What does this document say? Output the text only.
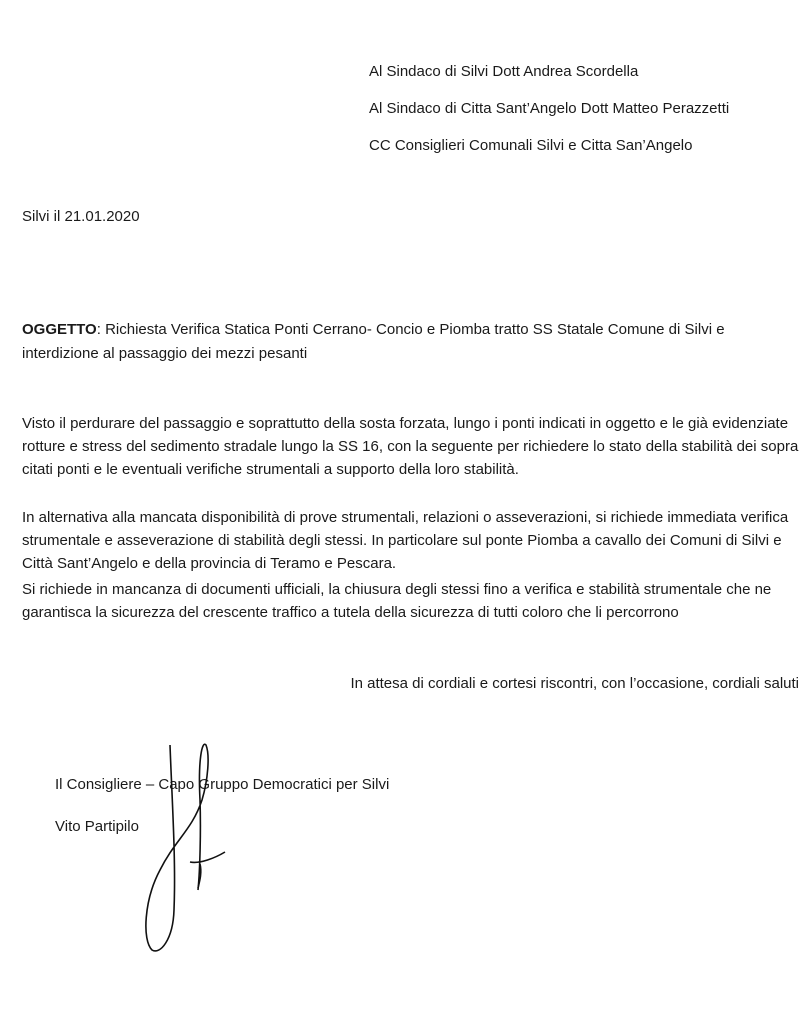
Al Sindaco di Silvi Dott Andrea Scordella
Al Sindaco di Citta Sant’Angelo Dott Matteo Perazzetti
CC Consiglieri Comunali Silvi e Citta San’Angelo
Silvi il 21.01.2020
OGGETTO: Richiesta Verifica Statica Ponti Cerrano- Concio e Piomba tratto SS Statale Comune di Silvi e interdizione al passaggio dei mezzi pesanti
Visto il perdurare del passaggio e soprattutto della sosta forzata, lungo i ponti indicati in oggetto e le già evidenziate rotture e stress del sedimento stradale lungo la SS 16, con la seguente per richiedere lo stato della stabilità dei sopra citati ponti e le eventuali verifiche strumentali a supporto della loro stabilità.
In alternativa alla mancata disponibilità di prove strumentali, relazioni o asseverazioni, si richiede immediata verifica strumentale e asseverazione di stabilità degli stessi. In particolare sul ponte Piomba a cavallo dei Comuni di Silvi e Città Sant’Angelo e della provincia di Teramo e Pescara.
Si richiede in mancanza di documenti ufficiali, la chiusura degli stessi fino a verifica e stabilità strumentale che ne garantisca la sicurezza del crescente traffico a tutela della sicurezza di tutti coloro che li percorrono
In attesa di cordiali e cortesi riscontri, con l’occasione, cordiali saluti
Il Consigliere – Capo Gruppo Democratici per Silvi
Vito Partipilo
